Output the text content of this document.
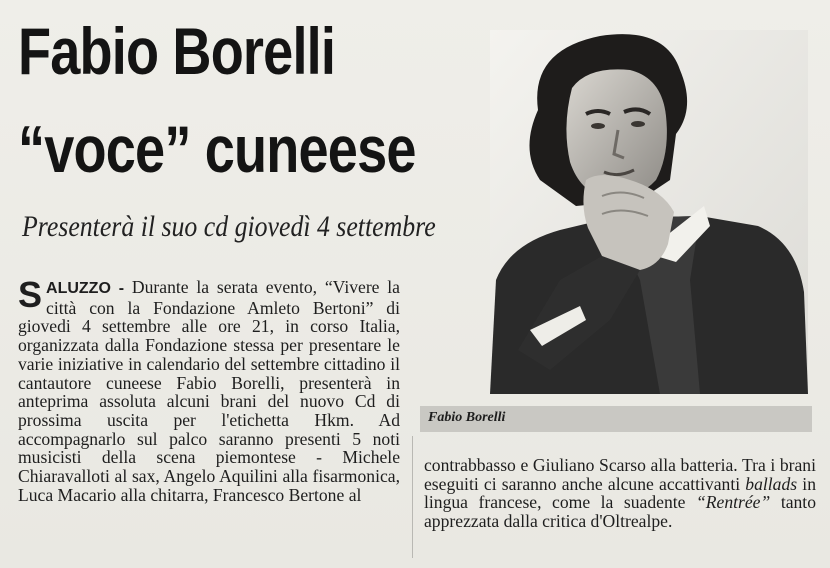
Fabio Borelli
“voce” cuneese

Presenterà il suo cd giovedì 4 settembre

SALUZZO - Durante la serata evento, “Vivere la città con la Fondazione Amleto Bertoni” di giovedi 4 settembre alle ore 21, in corso Italia, organizzata dalla Fondazione stessa per presentare le varie iniziative in calendario del settembre cittadino il cantautore cuneese Fabio Borelli, presenterà in anteprima assoluta alcuni brani del nuovo Cd di prossima uscita per l'etichetta Hkm. Ad accompagnarlo sul palco saranno presenti 5 noti musicisti della scena piemontese - Michele Chiaravalloti al sax, Angelo Aquilini alla fisarmonica, Luca Macario alla chitarra, Francesco Bertone al
Fabio Borelli
contrabbasso e Giuliano Scarso alla batteria. Tra i brani eseguiti ci saranno anche alcune accattivanti ballads in lingua francese, come la suadente “Rentrée” tanto apprezzata dalla critica d'Oltrealpe.
